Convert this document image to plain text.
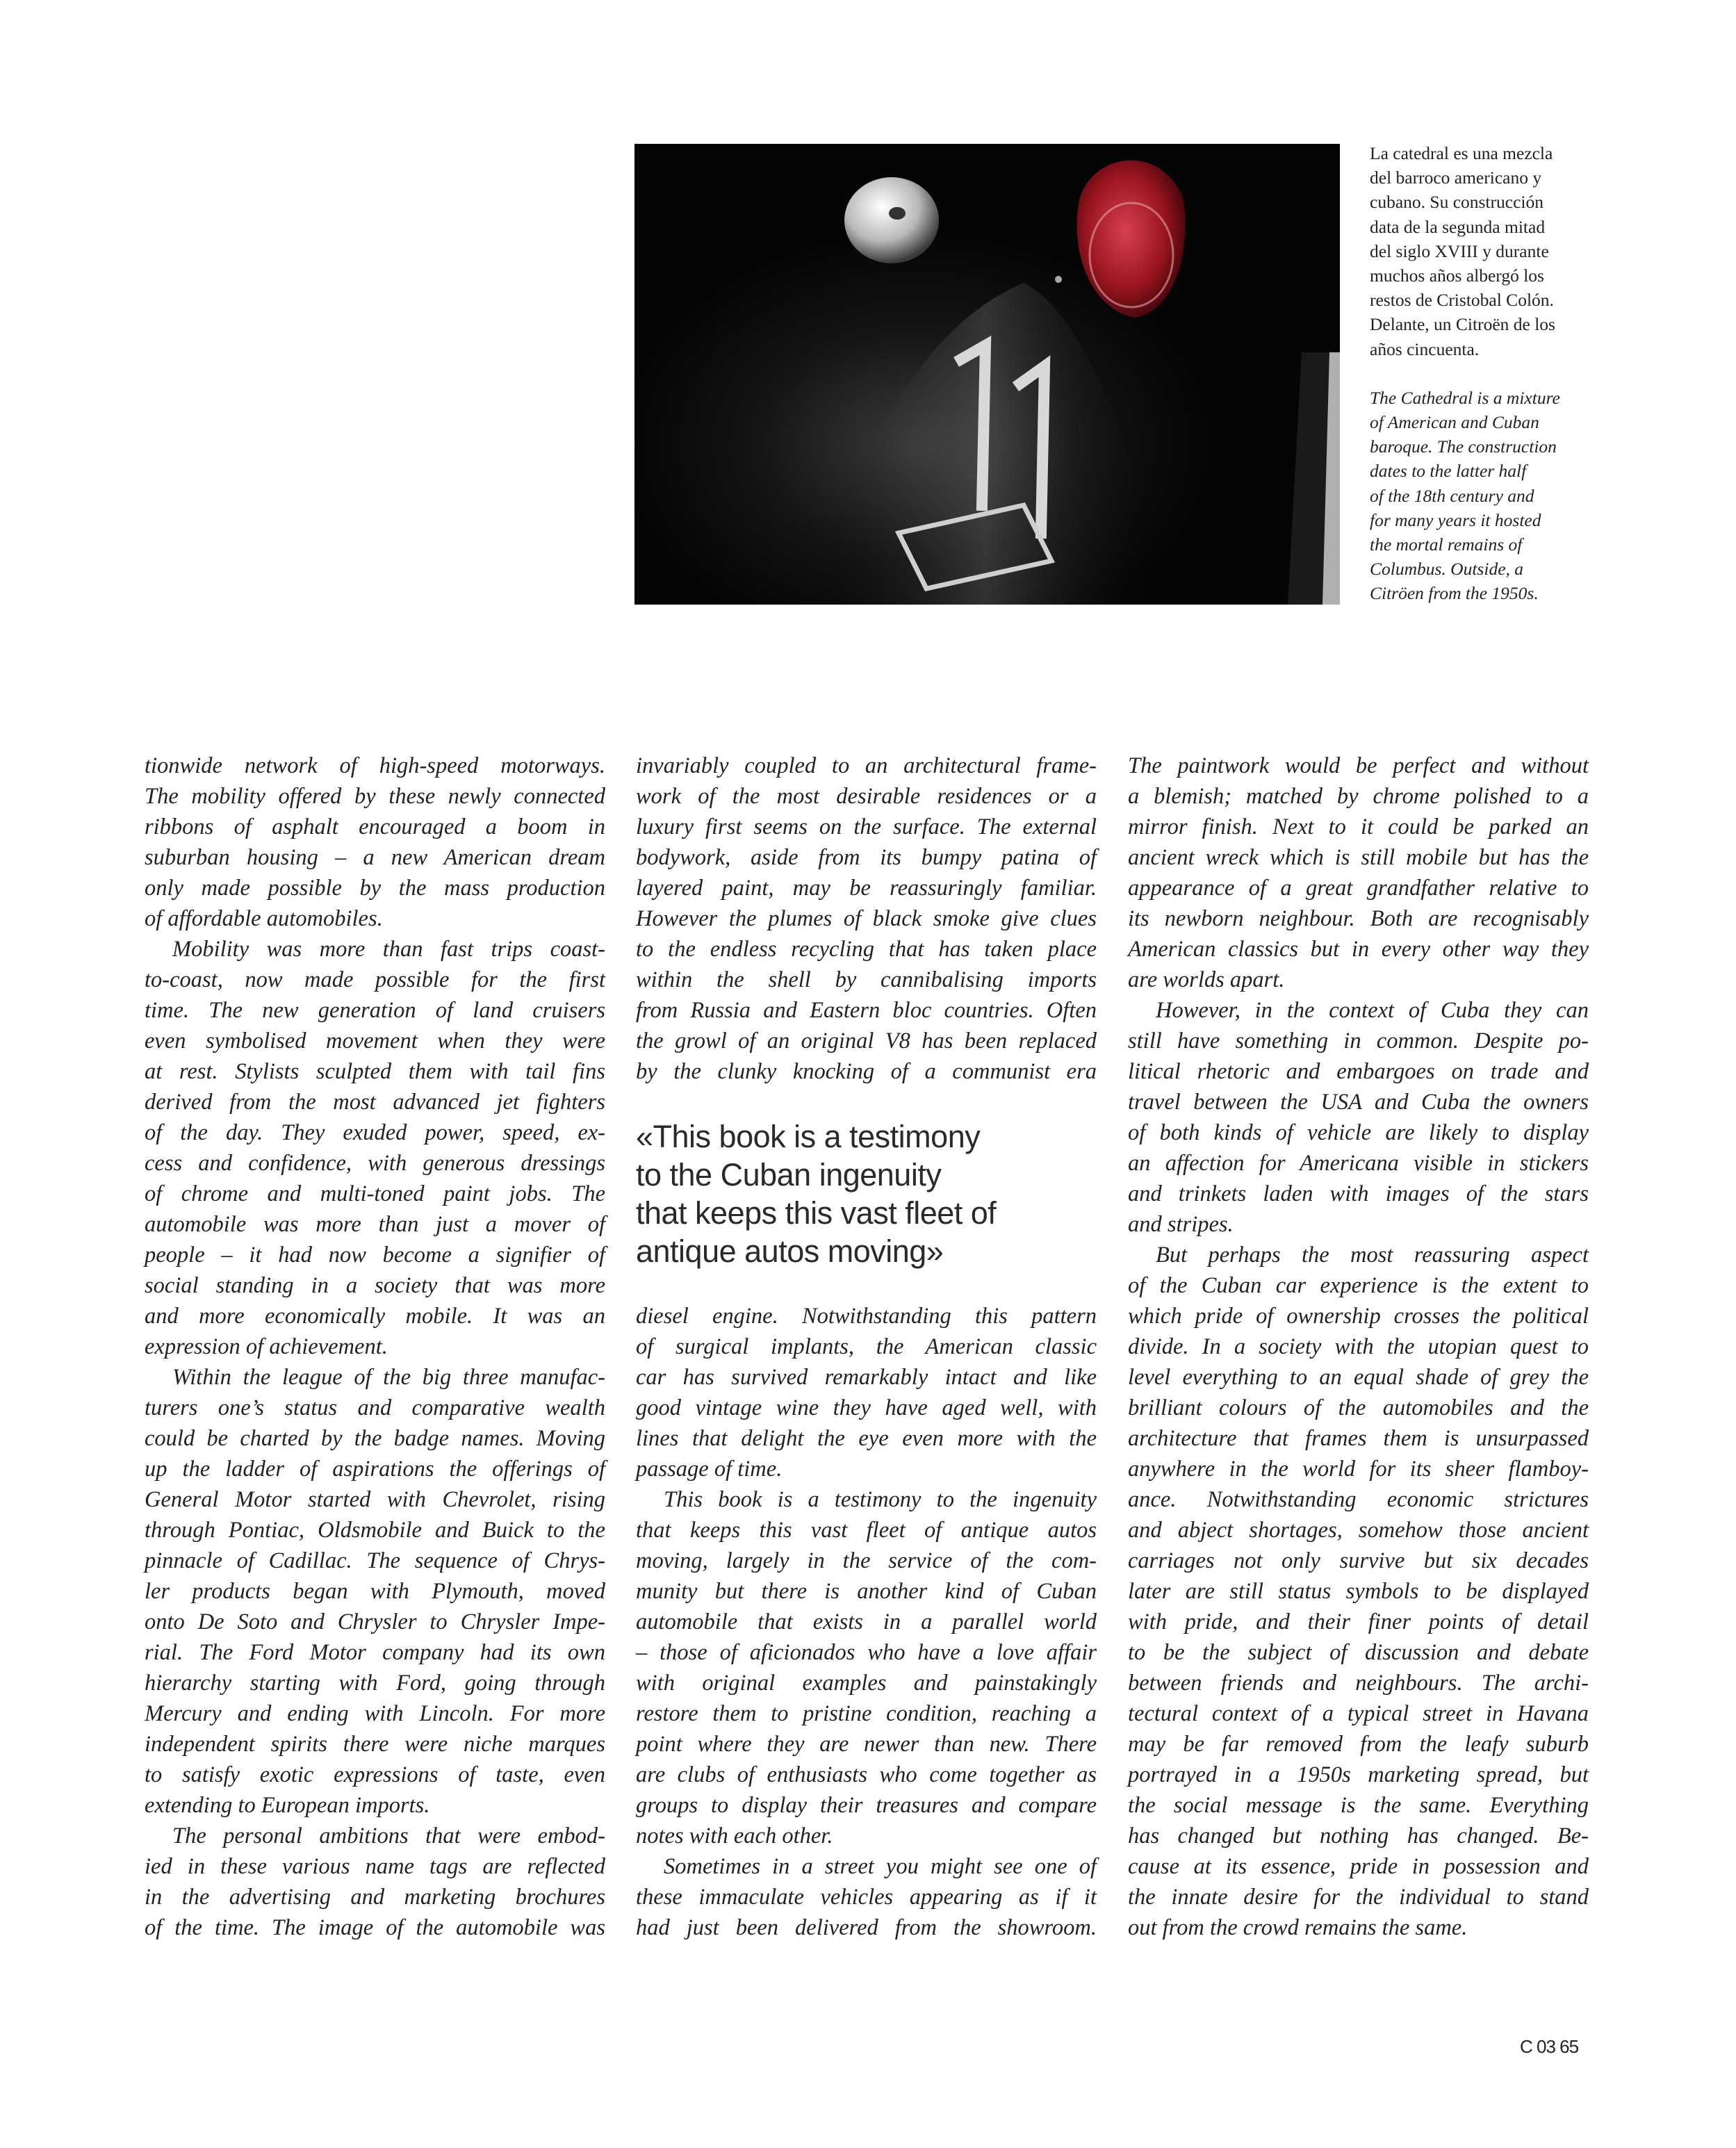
La catedral es una mezcla
del barroco americano y
cubano. Su construcción
data de la segunda mitad
del siglo XVIII y durante
muchos años albergó los
restos de Cristobal Colón.
Delante, un Citroën de los
años cincuenta.
The Cathedral is a mixture
of American and Cuban
baroque. The construction
dates to the latter half
of the 18th century and
for many years it hosted
the mortal remains of
Columbus. Outside, a
Citröen from the 1950s.
tionwide network of high-speed motorways.
The mobility offered by these newly connected
ribbons of asphalt encouraged a boom in
suburban housing – a new American dream
only made possible by the mass production
of affordable automobiles.
Mobility was more than fast trips coast-
to-coast, now made possible for the first
time. The new generation of land cruisers
even symbolised movement when they were
at rest. Stylists sculpted them with tail fins
derived from the most advanced jet fighters
of the day. They exuded power, speed, ex-
cess and confidence, with generous dressings
of chrome and multi-toned paint jobs. The
automobile was more than just a mover of
people – it had now become a signifier of
social standing in a society that was more
and more economically mobile. It was an
expression of achievement.
Within the league of the big three manufac-
turers one’s status and comparative wealth
could be charted by the badge names. Moving
up the ladder of aspirations the offerings of
General Motor started with Chevrolet, rising
through Pontiac, Oldsmobile and Buick to the
pinnacle of Cadillac. The sequence of Chrys-
ler products began with Plymouth, moved
onto De Soto and Chrysler to Chrysler Impe-
rial. The Ford Motor company had its own
hierarchy starting with Ford, going through
Mercury and ending with Lincoln. For more
independent spirits there were niche marques
to satisfy exotic expressions of taste, even
extending to European imports.
The personal ambitions that were embod-
ied in these various name tags are reflected
in the advertising and marketing brochures
of the time. The image of the automobile was
invariably coupled to an architectural frame-
work of the most desirable residences or a
luxury first seems on the surface. The external
bodywork, aside from its bumpy patina of
layered paint, may be reassuringly familiar.
However the plumes of black smoke give clues
to the endless recycling that has taken place
within the shell by cannibalising imports
from Russia and Eastern bloc countries. Often
the growl of an original V8 has been replaced
by the clunky knocking of a communist era
«This book is a testimony
to the Cuban ingenuity
that keeps this vast fleet of
antique autos moving»
diesel engine. Notwithstanding this pattern
of surgical implants, the American classic
car has survived remarkably intact and like
good vintage wine they have aged well, with
lines that delight the eye even more with the
passage of time.
This book is a testimony to the ingenuity
that keeps this vast fleet of antique autos
moving, largely in the service of the com-
munity but there is another kind of Cuban
automobile that exists in a parallel world
– those of aficionados who have a love affair
with original examples and painstakingly
restore them to pristine condition, reaching a
point where they are newer than new. There
are clubs of enthusiasts who come together as
groups to display their treasures and compare
notes with each other.
Sometimes in a street you might see one of
these immaculate vehicles appearing as if it
had just been delivered from the showroom.
The paintwork would be perfect and without
a blemish; matched by chrome polished to a
mirror finish. Next to it could be parked an
ancient wreck which is still mobile but has the
appearance of a great grandfather relative to
its newborn neighbour. Both are recognisably
American classics but in every other way they
are worlds apart.
However, in the context of Cuba they can
still have something in common. Despite po-
litical rhetoric and embargoes on trade and
travel between the USA and Cuba the owners
of both kinds of vehicle are likely to display
an affection for Americana visible in stickers
and trinkets laden with images of the stars
and stripes.
But perhaps the most reassuring aspect
of the Cuban car experience is the extent to
which pride of ownership crosses the political
divide. In a society with the utopian quest to
level everything to an equal shade of grey the
brilliant colours of the automobiles and the
architecture that frames them is unsurpassed
anywhere in the world for its sheer flamboy-
ance. Notwithstanding economic strictures
and abject shortages, somehow those ancient
carriages not only survive but six decades
later are still status symbols to be displayed
with pride, and their finer points of detail
to be the subject of discussion and debate
between friends and neighbours. The archi-
tectural context of a typical street in Havana
may be far removed from the leafy suburb
portrayed in a 1950s marketing spread, but
the social message is the same. Everything
has changed but nothing has changed. Be-
cause at its essence, pride in possession and
the innate desire for the individual to stand
out from the crowd remains the same.
C 03 65
